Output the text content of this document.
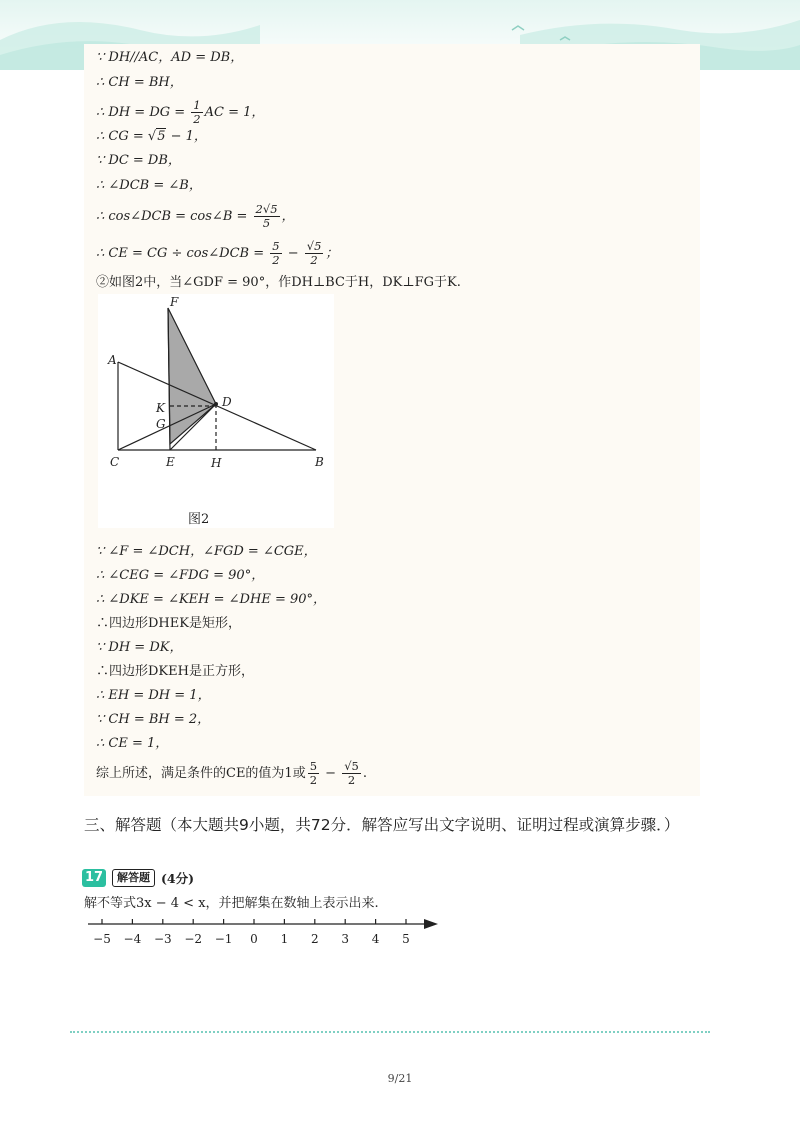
∵ DH//AC，AD = DB，
∴ CH = BH，
∴ DH = DG = $\frac{1}{2}$ AC = 1，
∴ CG = √5 − 1，
∵ DC = DB，
∴ ∠DCB = ∠B，
∴ cos∠DCB = cos∠B = $\frac{2√5}{5}$ ，
∴ CE = CG ÷ cos∠DCB = $\frac{5}{2} - \frac{√5}{2}$ ；
②如图2中，当∠GDF = 90°，作DH⊥BC于H，DK⊥FG于K.
F
A
K	D
G
C	E	H	B
图2
∵ ∠F = ∠DCH，∠FGD = ∠CGE，
∴ ∠CEG = ∠FDG = 90°，
∴ ∠DKE = ∠KEH = ∠DHE = 90°，
∴四边形DHEK是矩形，
∵ DH = DK，
∴四边形DKEH是正方形，
∴ EH = DH = 1，
∵ CH = BH = 2，
∴ CE = 1，
综上所述，满足条件的CE的值为1或 $\frac{5}{2} - \frac{√5}{2}$ .
三、解答题（本大题共9小题，共72分．解答应写出文字说明、证明过程或演算步骤．）
17	解答题 (4分)
解不等式3x − 4 < x，并把解集在数轴上表示出来.
−5 −4 −3 −2 −1 0 1 2 3 4 5
9/21
